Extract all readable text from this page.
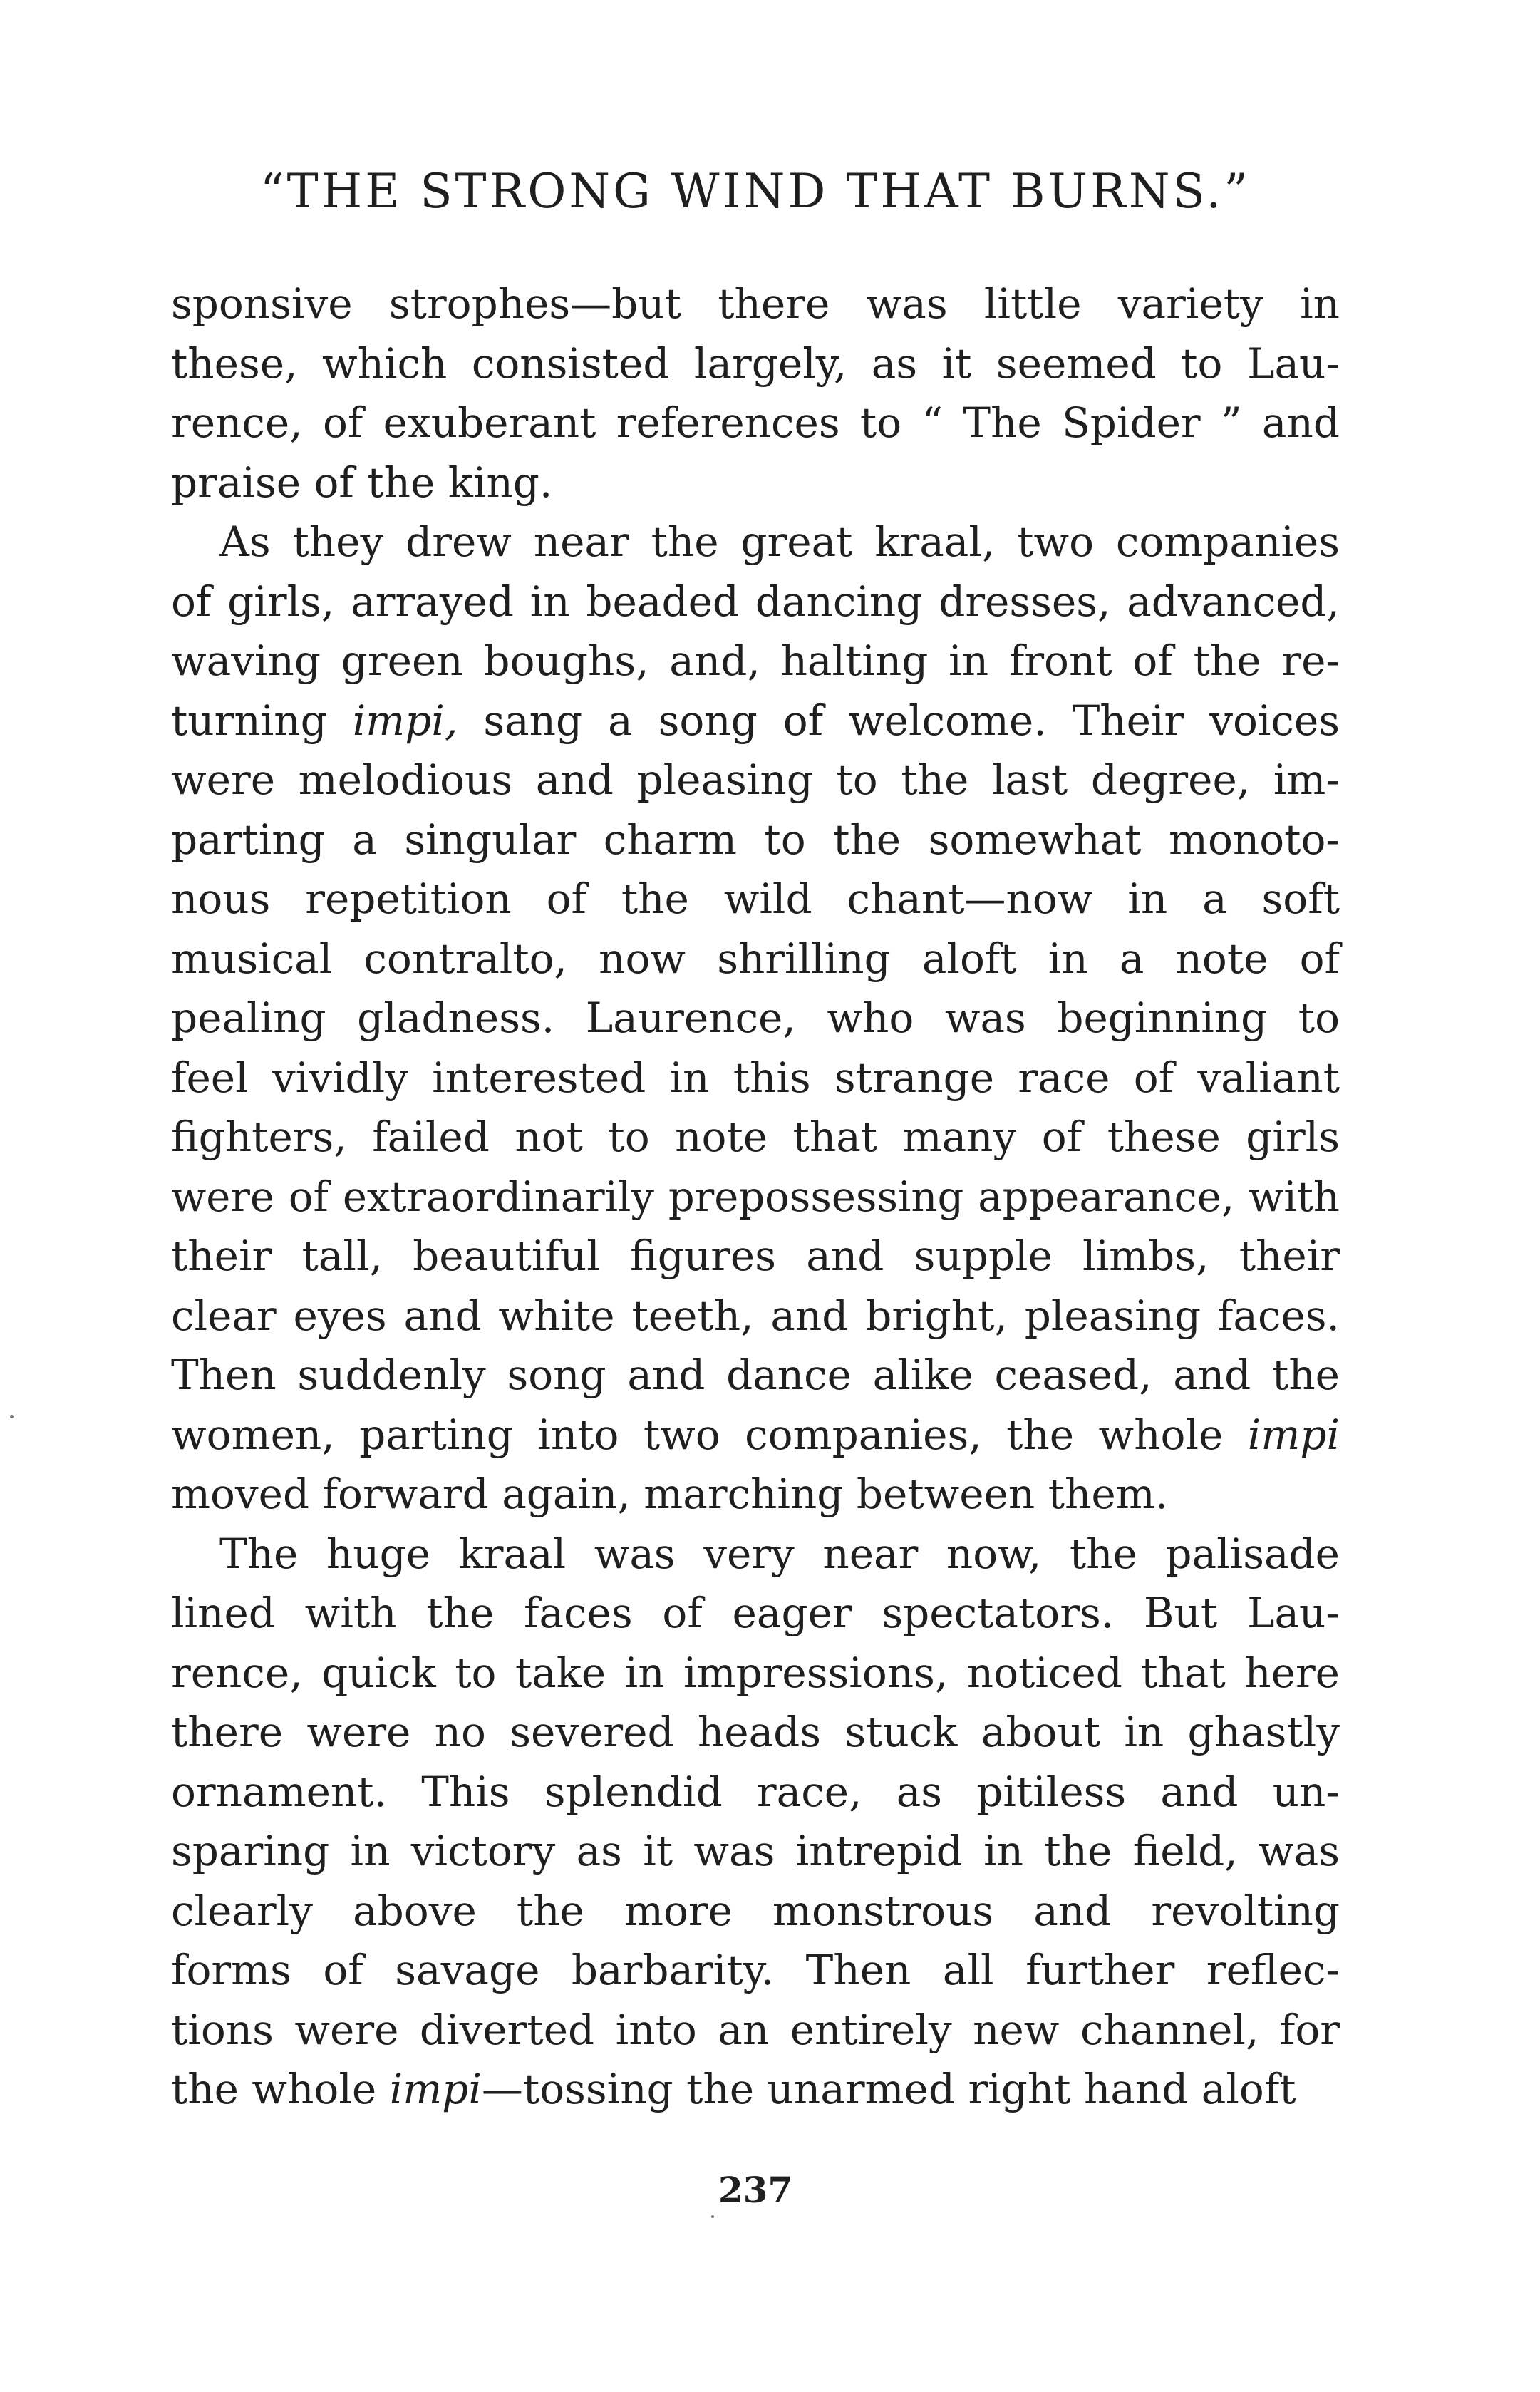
“THE STRONG WIND THAT BURNS.”
sponsive strophes—but there was little variety in
these, which consisted largely, as it seemed to Lau-
rence, of exuberant references to “ The Spider ” and
praise of the king.
As they drew near the great kraal, two companies
of girls, arrayed in beaded dancing dresses, advanced,
waving green boughs, and, halting in front of the re-
turning impi, sang a song of welcome. Their voices
were melodious and pleasing to the last degree, im-
parting a singular charm to the somewhat monoto-
nous repetition of the wild chant—now in a soft
musical contralto, now shrilling aloft in a note of
pealing gladness. Laurence, who was beginning to
feel vividly interested in this strange race of valiant
fighters, failed not to note that many of these girls
were of extraordinarily prepossessing appearance, with
their tall, beautiful figures and supple limbs, their
clear eyes and white teeth, and bright, pleasing faces.
Then suddenly song and dance alike ceased, and the
women, parting into two companies, the whole impi
moved forward again, marching between them.
The huge kraal was very near now, the palisade
lined with the faces of eager spectators. But Lau-
rence, quick to take in impressions, noticed that here
there were no severed heads stuck about in ghastly
ornament. This splendid race, as pitiless and un-
sparing in victory as it was intrepid in the field, was
clearly above the more monstrous and revolting
forms of savage barbarity. Then all further reflec-
tions were diverted into an entirely new channel, for
the whole impi—tossing the unarmed right hand aloft
237
